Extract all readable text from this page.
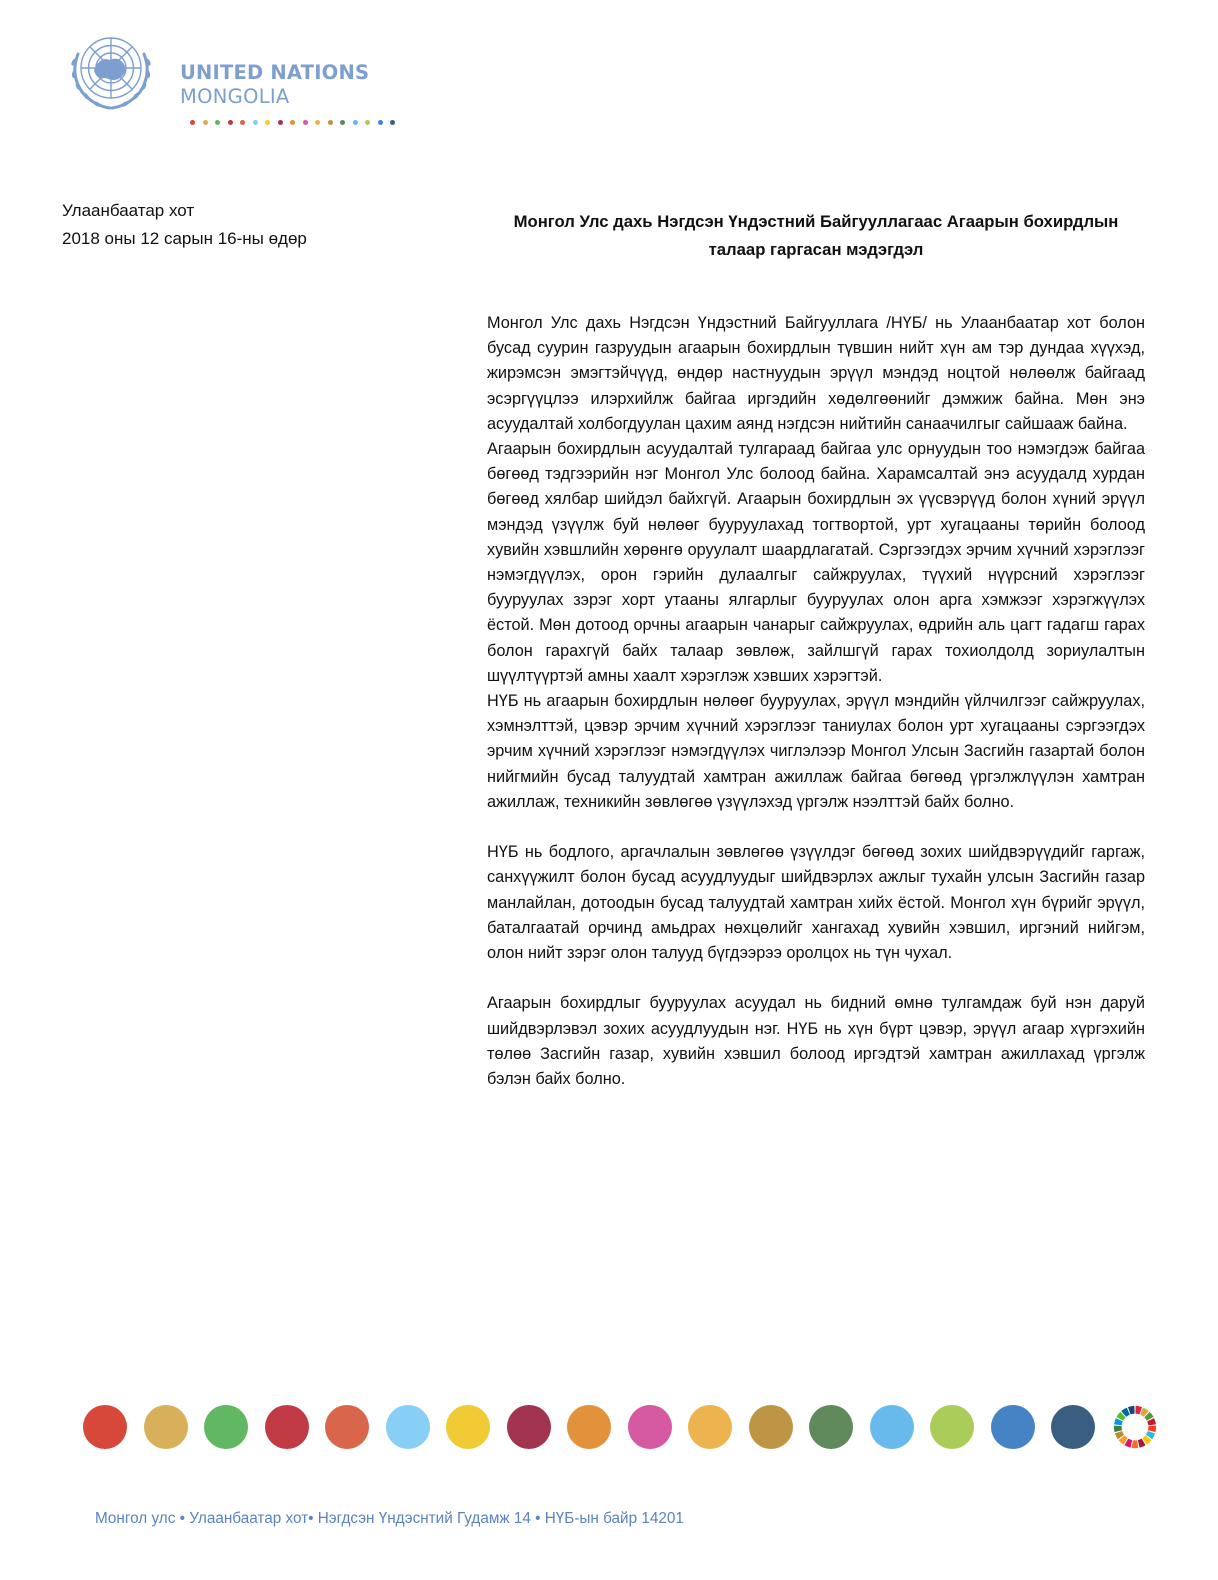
UNITED NATIONS
MONGOLIA
Улаанбаатар хот
2018 оны 12 сарын 16-ны өдөр
Монгол Улс дахь Нэгдсэн Үндэстний Байгууллагаас Агаарын бохирдлын талаар гаргасан мэдэгдэл

Монгол Улс дахь Нэгдсэн Үндэстний Байгууллага /НҮБ/ нь Улаанбаатар хот болон бусад суурин газруудын агаарын бохирдлын түвшин нийт хүн ам тэр дундаа хүүхэд, жирэмсэн эмэгтэйчүүд, өндөр настнуудын эрүүл мэндэд ноцтой нөлөөлж байгаад эсэргүүцлээ илэрхийлж байгаа иргэдийн хөдөлгөөнийг дэмжиж байна. Мөн энэ асуудалтай холбогдуулан цахим аянд нэгдсэн нийтийн санаачилгыг сайшааж байна.

Агаарын бохирдлын асуудалтай тулгараад байгаа улс орнуудын тоо нэмэгдэж байгаа бөгөөд тэдгээрийн нэг Монгол Улс болоод байна. Харамсалтай энэ асуудалд хурдан бөгөөд хялбар шийдэл байхгүй. Агаарын бохирдлын эх үүсвэрүүд болон хүний эрүүл мэндэд үзүүлж буй нөлөөг бууруулахад тогтвортой, урт хугацааны төрийн болоод хувийн хэвшлийн хөрөнгө оруулалт шаардлагатай. Сэргээгдэх эрчим хүчний хэрэглээг нэмэгдүүлэх, орон гэрийн дулаалгыг сайжруулах, түүхий нүүрсний хэрэглээг бууруулах зэрэг хорт утааны ялгарлыг бууруулах олон арга хэмжээг хэрэгжүүлэх ёстой. Мөн дотоод орчны агаарын чанарыг сайжруулах, өдрийн аль цагт гадагш гарах болон гарахгүй байх талаар зөвлөж, зайлшгүй гарах тохиолдолд зориулалтын шүүлтүүртэй амны хаалт хэрэглэж хэвших хэрэгтэй.

НҮБ нь агаарын бохирдлын нөлөөг бууруулах, эрүүл мэндийн үйлчилгээг сайжруулах, хэмнэлттэй, цэвэр эрчим хүчний хэрэглээг таниулах болон урт хугацааны сэргээгдэх эрчим хүчний хэрэглээг нэмэгдүүлэх чиглэлээр Монгол Улсын Засгийн газартай болон нийгмийн бусад талуудтай хамтран ажиллаж байгаа бөгөөд үргэлжлүүлэн хамтран ажиллаж, техникийн зөвлөгөө үзүүлэхэд үргэлж нээлттэй байх болно.

НҮБ нь бодлого, аргачлалын зөвлөгөө үзүүлдэг бөгөөд зохих шийдвэрүүдийг гаргаж, санхүүжилт болон бусад асуудлуудыг шийдвэрлэх ажлыг тухайн улсын Засгийн газар манлайлан, дотоодын бусад талуудтай хамтран хийх ёстой. Монгол хүн бүрийг эрүүл, баталгаатай орчинд амьдрах нөхцөлийг хангахад хувийн хэвшил, иргэний нийгэм, олон нийт зэрэг олон талууд бүгдээрээ оролцох нь түн чухал.

Агаарын бохирдлыг бууруулах асуудал нь бидний өмнө тулгамдаж буй нэн даруй шийдвэрлэвэл зохих асуудлуудын нэг. НҮБ нь хүн бүрт цэвэр, эрүүл агаар хүргэхийн төлөө Засгийн газар, хувийн хэвшил болоод иргэдтэй хамтран ажиллахад үргэлж бэлэн байх болно.

Монгол улс • Улаанбаатар хот• Нэгдсэн Үндэснтий Гудамж 14 • НҮБ-ын байр 14201
